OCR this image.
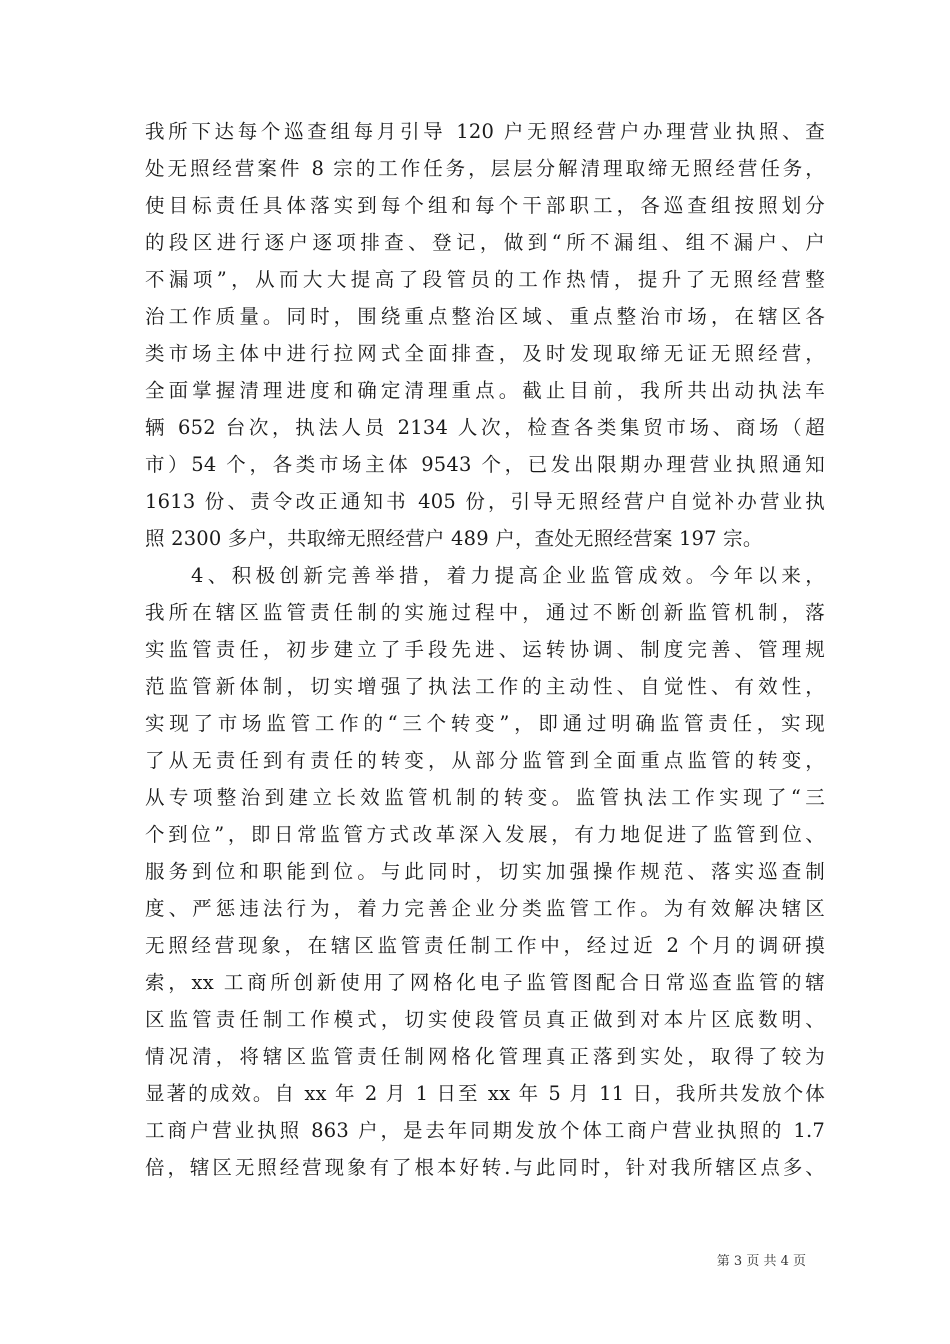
我所下达每个巡查组每月引导 120 户无照经营户办理营业执照、查
处无照经营案件 8 宗的工作任务，层层分解清理取缔无照经营任务，
使目标责任具体落实到每个组和每个干部职工，各巡查组按照划分
的段区进行逐户逐项排查、登记，做到“所不漏组、组不漏户、户
不漏项”，从而大大提高了段管员的工作热情，提升了无照经营整
治工作质量。同时，围绕重点整治区域、重点整治市场，在辖区各
类市场主体中进行拉网式全面排查，及时发现取缔无证无照经营，
全面掌握清理进度和确定清理重点。截止目前，我所共出动执法车
辆 652 台次，执法人员 2134 人次，检查各类集贸市场、商场（超
市）54 个，各类市场主体 9543 个，已发出限期办理营业执照通知
1613 份、责令改正通知书 405 份，引导无照经营户自觉补办营业执
照 2300 多户，共取缔无照经营户 489 户，查处无照经营案 197 宗。
4、积极创新完善举措，着力提高企业监管成效。今年以来，
我所在辖区监管责任制的实施过程中，通过不断创新监管机制，落
实监管责任，初步建立了手段先进、运转协调、制度完善、管理规
范监管新体制，切实增强了执法工作的主动性、自觉性、有效性，
实现了市场监管工作的“三个转变”，即通过明确监管责任，实现
了从无责任到有责任的转变，从部分监管到全面重点监管的转变，
从专项整治到建立长效监管机制的转变。监管执法工作实现了“三
个到位”，即日常监管方式改革深入发展，有力地促进了监管到位、
服务到位和职能到位。与此同时，切实加强操作规范、落实巡查制
度、严惩违法行为，着力完善企业分类监管工作。为有效解决辖区
无照经营现象，在辖区监管责任制工作中，经过近 2 个月的调研摸
索，xx 工商所创新使用了网格化电子监管图配合日常巡查监管的辖
区监管责任制工作模式，切实使段管员真正做到对本片区底数明、
情况清，将辖区监管责任制网格化管理真正落到实处，取得了较为
显著的成效。自 xx 年 2 月 1 日至 xx 年 5 月 11 日，我所共发放个体
工商户营业执照 863 户，是去年同期发放个体工商户营业执照的 1.7
倍，辖区无照经营现象有了根本好转.与此同时，针对我所辖区点多、
第 3 页 共 4 页
